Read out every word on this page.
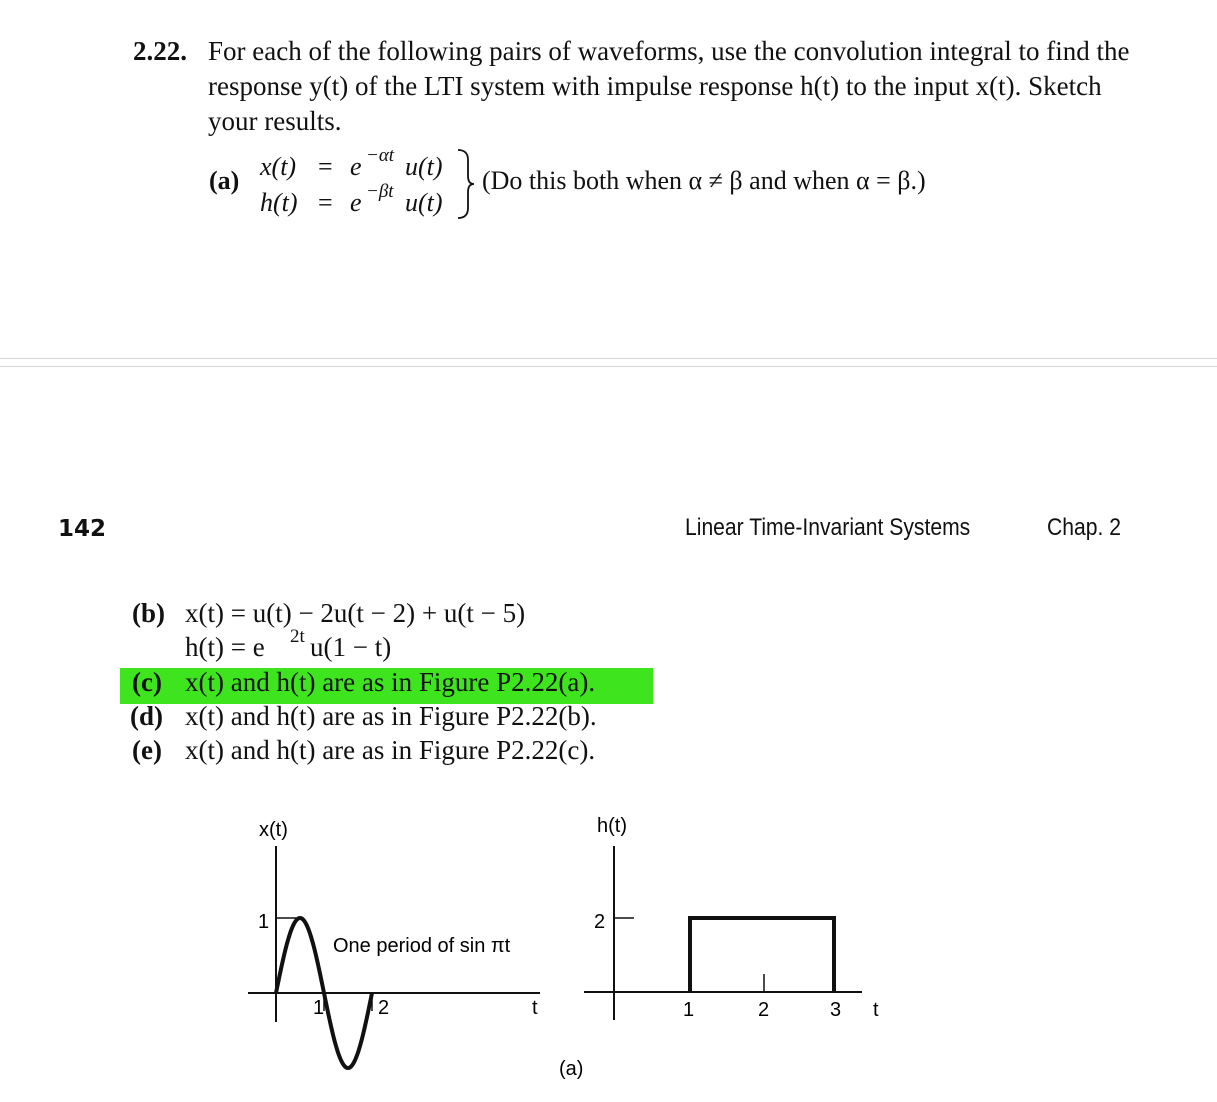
2.22. For each of the following pairs of waveforms, use the convolution integral to find the
response y(t) of the LTI system with impulse response h(t) to the input x(t). Sketch
your results.
(a) x(t) = e −αt u(t)
h(t) = e −βt u(t)
(Do this both when α ≠ β and when α = β.)
142	Linear Time-Invariant Systems	Chap. 2
(b) x(t) = u(t) − 2u(t − 2) + u(t − 5)
h(t) = e 2t u(1 − t)
(c) x(t) and h(t) are as in Figure P2.22(a).
(d) x(t) and h(t) are as in Figure P2.22(b).
(e) x(t) and h(t) are as in Figure P2.22(c).
x(t)
1
1	2	t
One period of sin πt
h(t)
2
1	2	3 t
(a)
